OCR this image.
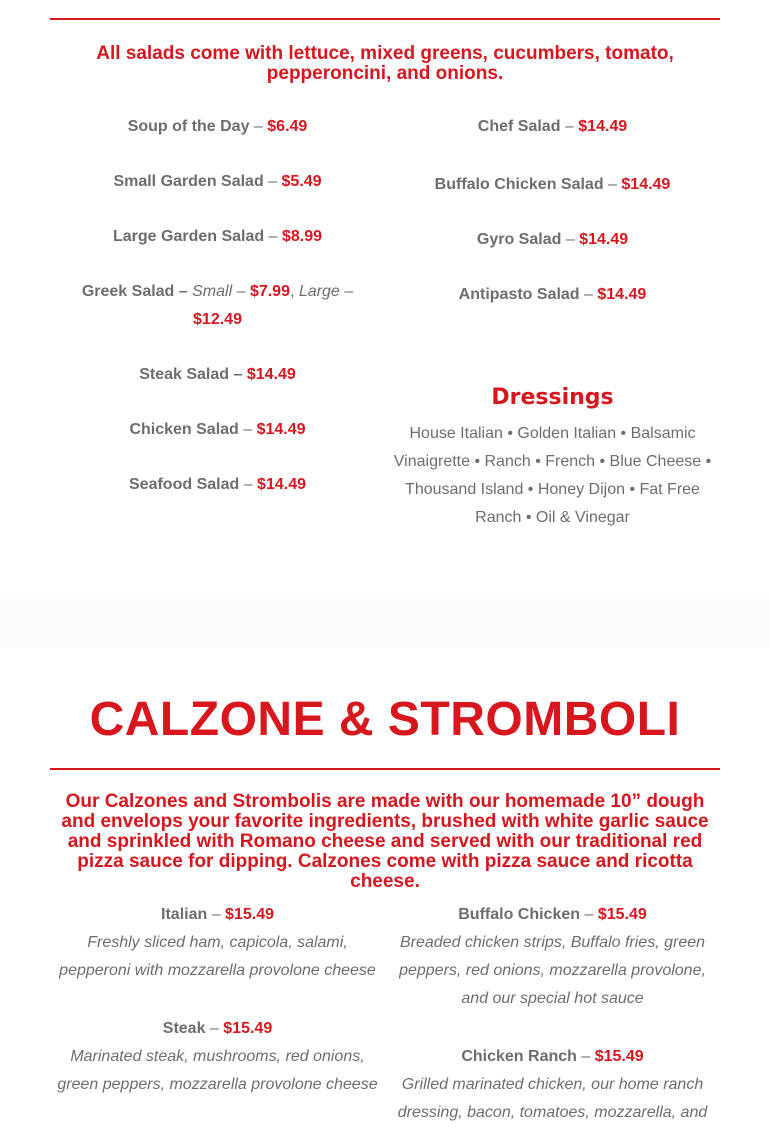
All salads come with lettuce, mixed greens, cucumbers, tomato, pepperoncini, and onions.
Soup of the Day – $6.49
Small Garden Salad – $5.49
Large Garden Salad – $8.99
Greek Salad – Small – $7.99, Large – $12.49
Steak Salad – $14.49
Chicken Salad – $14.49
Seafood Salad – $14.49
Chef Salad – $14.49
Buffalo Chicken Salad – $14.49
Gyro Salad – $14.49
Antipasto Salad – $14.49
Dressings
House Italian • Golden Italian • Balsamic Vinaigrette • Ranch • French • Blue Cheese • Thousand Island • Honey Dijon • Fat Free Ranch • Oil & Vinegar
CALZONE & STROMBOLI
Our Calzones and Strombolis are made with our homemade 10” dough and envelops your favorite ingredients, brushed with white garlic sauce and sprinkled with Romano cheese and served with our traditional red pizza sauce for dipping. Calzones come with pizza sauce and ricotta cheese.
Italian – $15.49
Freshly sliced ham, capicola, salami, pepperoni with mozzarella provolone cheese
Steak – $15.49
Marinated steak, mushrooms, red onions, green peppers, mozzarella provolone cheese
Buffalo Chicken – $15.49
Breaded chicken strips, Buffalo fries, green peppers, red onions, mozzarella provolone, and our special hot sauce
Chicken Ranch – $15.49
Grilled marinated chicken, our home ranch dressing, bacon, tomatoes, mozzarella, and
